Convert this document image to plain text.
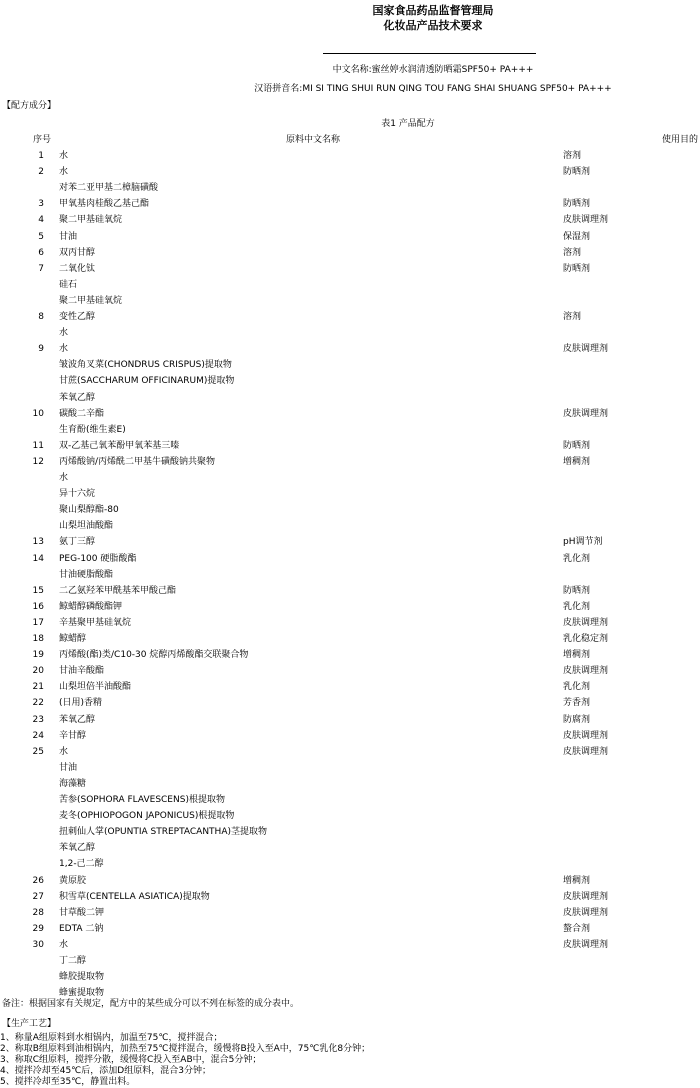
国家食品药品监督管理局
化妆品产品技术要求
中文名称:蜜丝婷水润清透防晒霜SPF50+ PA+++
汉语拼音名:MI SI TING SHUI RUN QING TOU FANG SHAI SHUANG SPF50+ PA+++
【配方成分】
表1 产品配方
序号	原料中文名称	使用目的
1 水	溶剂
2 水	防晒剂
对苯二亚甲基二樟脑磺酸
3 甲氧基肉桂酸乙基己酯	防晒剂
4 聚二甲基硅氧烷	皮肤调理剂
5 甘油	保湿剂
6 双丙甘醇	溶剂
7 二氧化钛	防晒剂
硅石
聚二甲基硅氧烷
8 变性乙醇	溶剂
水
9 水	皮肤调理剂
皱波角叉菜(CHONDRUS CRISPUS)提取物
甘蔗(SACCHARUM OFFICINARUM)提取物
苯氧乙醇
10 碳酸二辛酯	皮肤调理剂
生育酚(维生素E)
11 双-乙基己氧苯酚甲氧苯基三嗪	防晒剂
12 丙烯酸钠/丙烯酰二甲基牛磺酸钠共聚物	增稠剂
水
异十六烷
聚山梨醇酯-80
山梨坦油酸酯
13 氨丁三醇	pH调节剂
14 PEG-100 硬脂酸酯	乳化剂
甘油硬脂酸酯
15 二乙氨羟苯甲酰基苯甲酸己酯	防晒剂
16 鲸蜡醇磷酸酯钾	乳化剂
17 辛基聚甲基硅氧烷	皮肤调理剂
18 鲸蜡醇	乳化稳定剂
19 丙烯酸(酯)类/C10-30 烷醇丙烯酸酯交联聚合物	增稠剂
20 甘油辛酸酯	皮肤调理剂
21 山梨坦倍半油酸酯	乳化剂
22 (日用)香精	芳香剂
23 苯氧乙醇	防腐剂
24 辛甘醇	皮肤调理剂
25 水	皮肤调理剂
甘油
海藻糖
苦参(SOPHORA FLAVESCENS)根提取物
麦冬(OPHIOPOGON JAPONICUS)根提取物
扭刺仙人掌(OPUNTIA STREPTACANTHA)茎提取物
苯氧乙醇
1,2-己二醇
26 黄原胶	增稠剂
27 积雪草(CENTELLA ASIATICA)提取物	皮肤调理剂
28 甘草酸二钾	皮肤调理剂
29 EDTA 二钠	螯合剂
30 水	皮肤调理剂
丁二醇
蜂胶提取物
蜂蜜提取物
备注：根据国家有关规定，配方中的某些成分可以不列在标签的成分表中。
【生产工艺】
1、称量A组原料到水相锅内，加温至75℃，搅拌混合；
2、称取B组原料到油相锅内，加热至75℃搅拌混合，缓慢将B投入至A中，75℃乳化8分钟；
3、称取C组原料，搅拌分散，缓慢将C投入至AB中，混合5分钟；
4、搅拌冷却至45℃后，添加D组原料，混合3分钟；
5、搅拌冷却至35℃，静置出料。
